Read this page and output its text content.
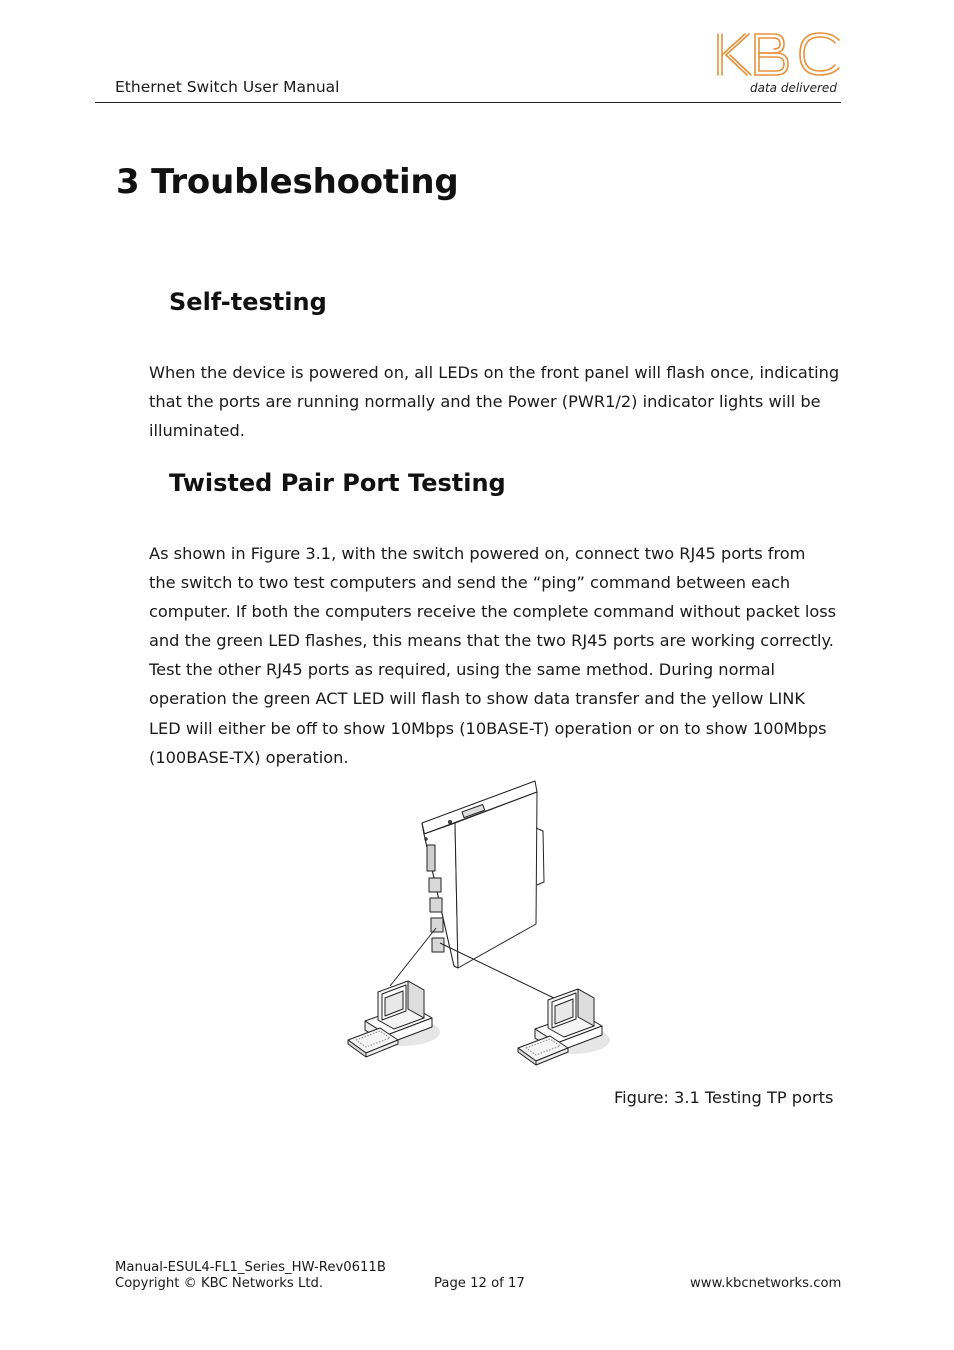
Ethernet Switch User Manual	data delivered
3 Troubleshooting
Self-testing

When the device is powered on, all LEDs on the front panel will flash once, indicating

that the ports are running normally and the Power (PWR1/2) indicator lights will be

illuminated.

Twisted Pair Port Testing

As shown in Figure 3.1, with the switch powered on, connect two RJ45 ports from

the switch to two test computers and send the “ping” command between each

computer. If both the computers receive the complete command without packet loss

and the green LED flashes, this means that the two RJ45 ports are working correctly.

Test the other RJ45 ports as required, using the same method. During normal

operation the green ACT LED will flash to show data transfer and the yellow LINK

LED will either be off to show 10Mbps (10BASE-T) operation or on to show 100Mbps

(100BASE-TX) operation.

Figure: 3.1 Testing TP ports
Manual-ESUL4-FL1_Series_HW-Rev0611B
Copyright © KBC Networks Ltd.	Page 12 of 17	www.kbcnetworks.com
